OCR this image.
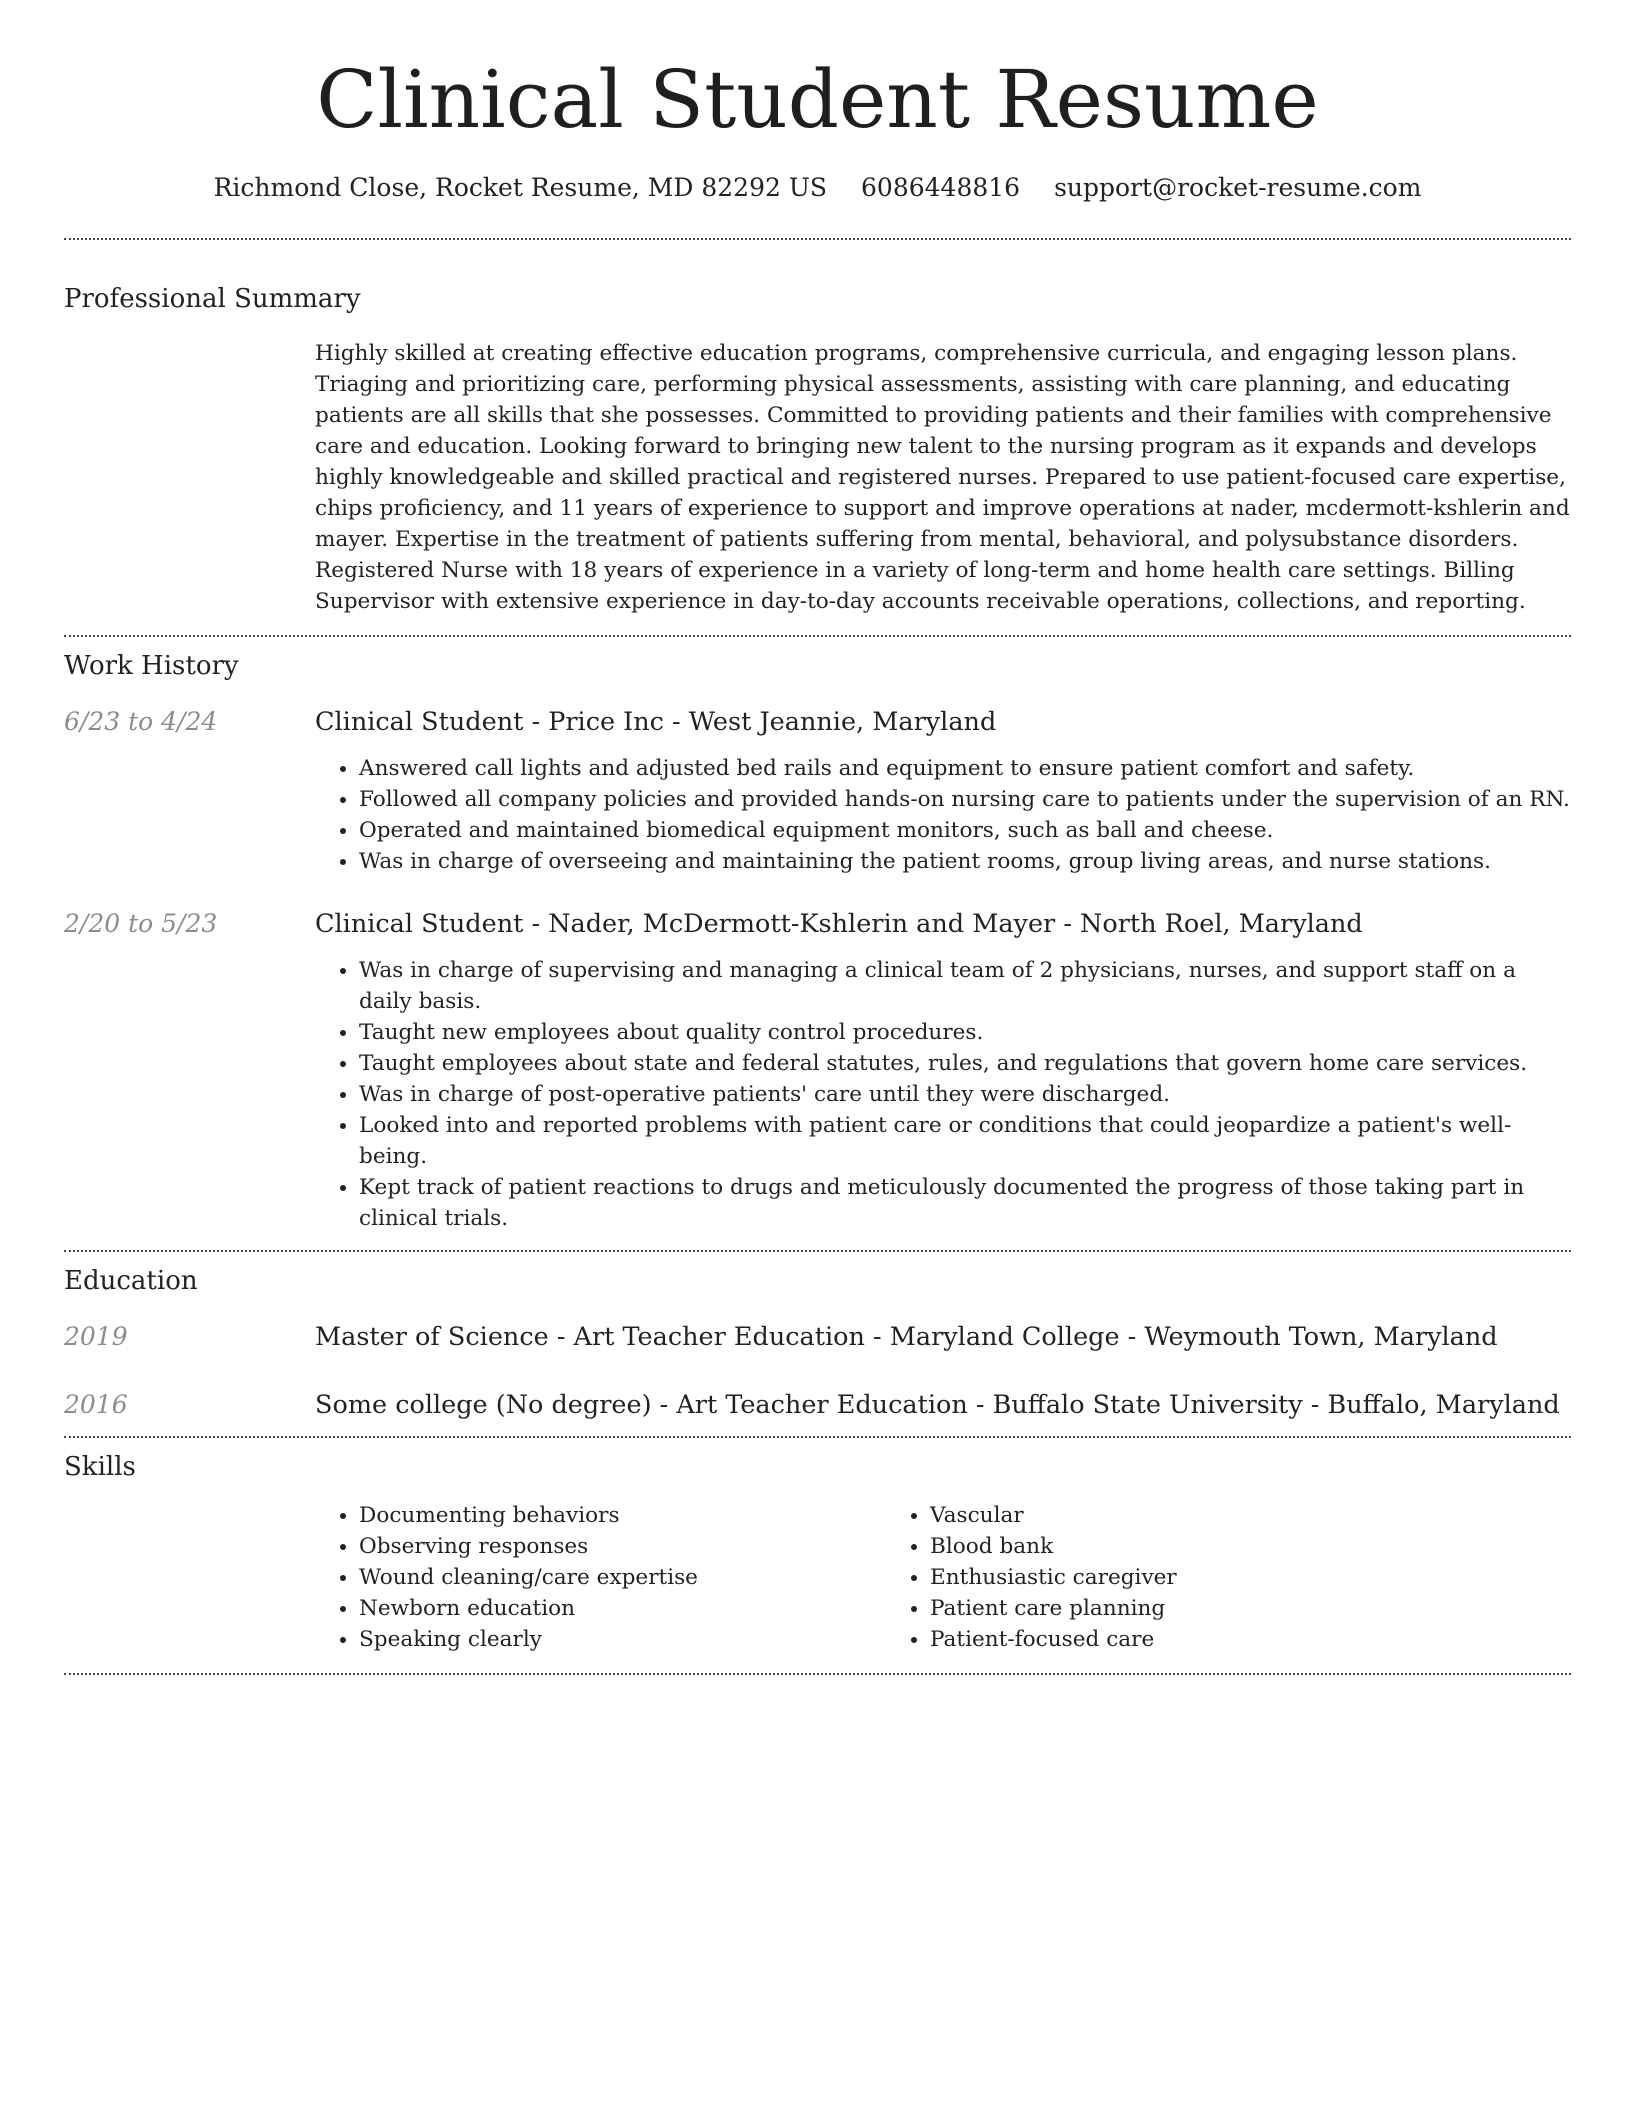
Clinical Student Resume
Richmond Close, Rocket Resume, MD 82292 US 6086448816 support@rocket-resume.com
Professional Summary
Highly skilled at creating effective education programs, comprehensive curricula, and engaging lesson plans. Triaging and prioritizing care, performing physical assessments, assisting with care planning, and educating patients are all skills that she possesses. Committed to providing patients and their families with comprehensive care and education. Looking forward to bringing new talent to the nursing program as it expands and develops highly knowledgeable and skilled practical and registered nurses. Prepared to use patient-focused care expertise, chips proficiency, and 11 years of experience to support and improve operations at nader, mcdermott-kshlerin and mayer. Expertise in the treatment of patients suffering from mental, behavioral, and polysubstance disorders. Registered Nurse with 18 years of experience in a variety of long-term and home health care settings. Billing Supervisor with extensive experience in day-to-day accounts receivable operations, collections, and reporting.
Work History
6/23 to 4/24	Clinical Student - Price Inc - West Jeannie, Maryland
• Answered call lights and adjusted bed rails and equipment to ensure patient comfort and safety.
• Followed all company policies and provided hands-on nursing care to patients under the supervision of an RN.
• Operated and maintained biomedical equipment monitors, such as ball and cheese.
• Was in charge of overseeing and maintaining the patient rooms, group living areas, and nurse stations.
2/20 to 5/23	Clinical Student - Nader, McDermott-Kshlerin and Mayer - North Roel, Maryland
• Was in charge of supervising and managing a clinical team of 2 physicians, nurses, and support staff on a daily basis.
• Taught new employees about quality control procedures.
• Taught employees about state and federal statutes, rules, and regulations that govern home care services.
• Was in charge of post-operative patients' care until they were discharged.
• Looked into and reported problems with patient care or conditions that could jeopardize a patient's well-being.
• Kept track of patient reactions to drugs and meticulously documented the progress of those taking part in clinical trials.
Education
2019	Master of Science - Art Teacher Education - Maryland College - Weymouth Town, Maryland
2016	Some college (No degree) - Art Teacher Education - Buffalo State University - Buffalo, Maryland
Skills
• Documenting behaviors
• Observing responses
• Wound cleaning/care expertise
• Newborn education
• Speaking clearly
• Vascular
• Blood bank
• Enthusiastic caregiver
• Patient care planning
• Patient-focused care
